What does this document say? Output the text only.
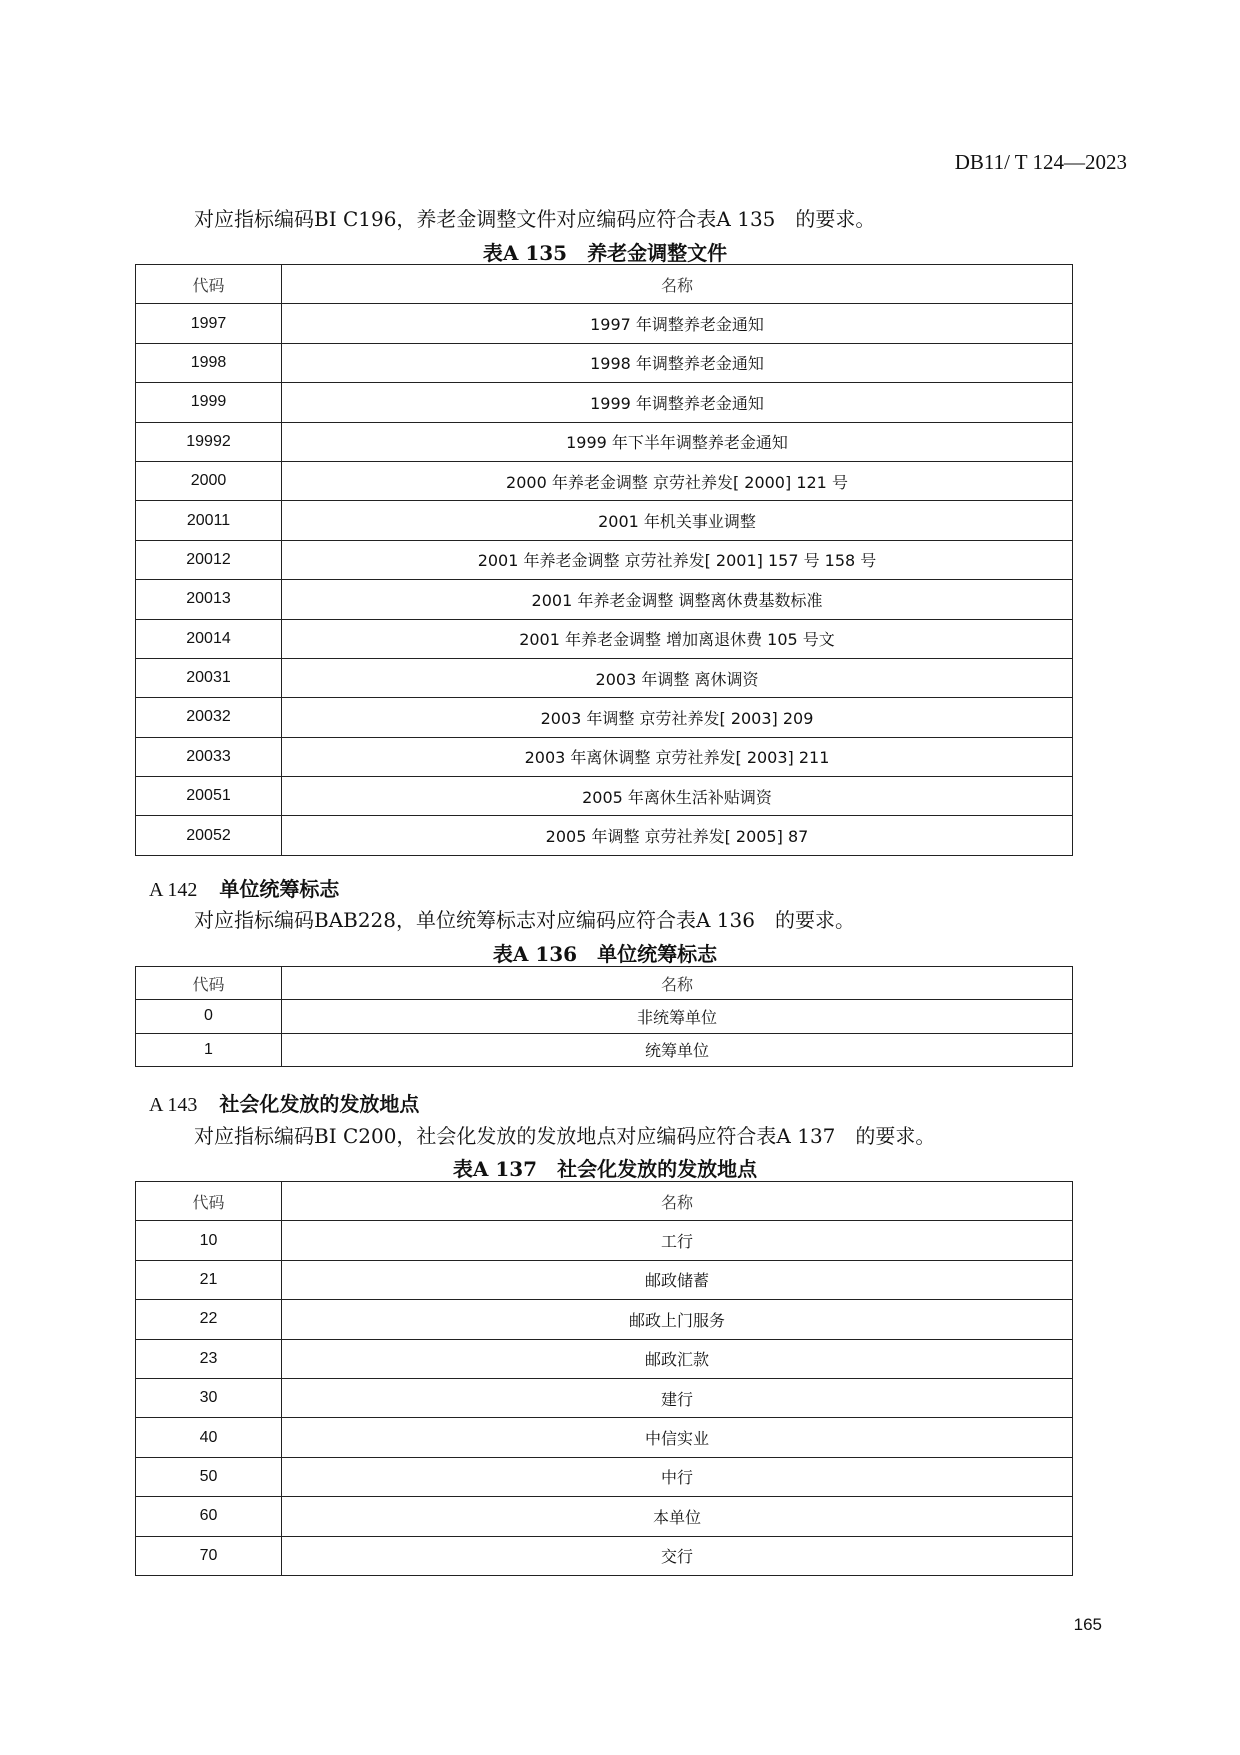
DB11/ T 124—2023
对应指标编码BI C196，养老金调整文件对应编码应符合表A 135　的要求。
表A 135　养老金调整文件
代码	名称
1997	1997 年调整养老金通知
1998	1998 年调整养老金通知
1999	1999 年调整养老金通知
19992	1999 年下半年调整养老金通知
2000	2000 年养老金调整 京劳社养发[ 2000] 121 号
20011	2001 年机关事业调整
20012	2001 年养老金调整 京劳社养发[ 2001] 157 号 158 号
20013	2001 年养老金调整 调整离休费基数标准
20014	2001 年养老金调整 增加离退休费 105 号文
20031	2003 年调整 离休调资
20032	2003 年调整 京劳社养发[ 2003] 209
20033	2003 年离休调整 京劳社养发[ 2003] 211
20051	2005 年离休生活补贴调资
20052	2005 年调整 京劳社养发[ 2005] 87
A 142 单位统筹标志
对应指标编码BAB228，单位统筹标志对应编码应符合表A 136　的要求。
表A 136　单位统筹标志
代码	名称
0	非统筹单位
1	统筹单位
A 143 社会化发放的发放地点
对应指标编码BI C200，社会化发放的发放地点对应编码应符合表A 137　的要求。
表A 137　社会化发放的发放地点
代码	名称
10	工行
21	邮政储蓄
22	邮政上门服务
23	邮政汇款
30	建行
40	中信实业
50	中行
60	本单位
70	交行
165
